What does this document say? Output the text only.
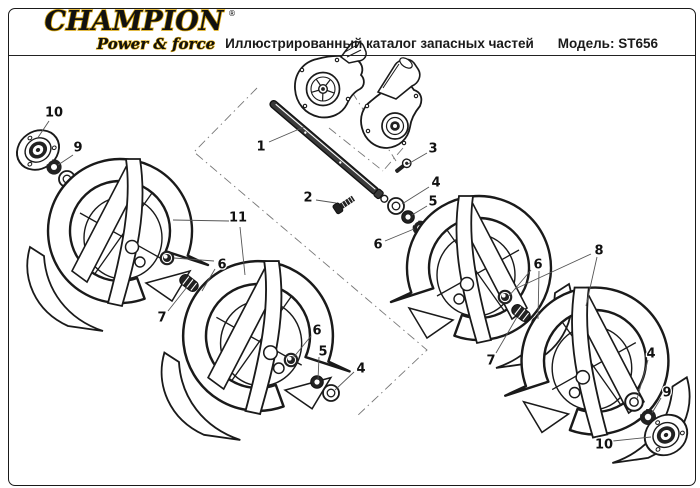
10
9	1
2
3
4
5
6
11
6
7
6
5
4
6
7
8
4
9
10
CHAMPION ®
Power & force Иллюстрированный каталог запасных частей	Модель: ST656
